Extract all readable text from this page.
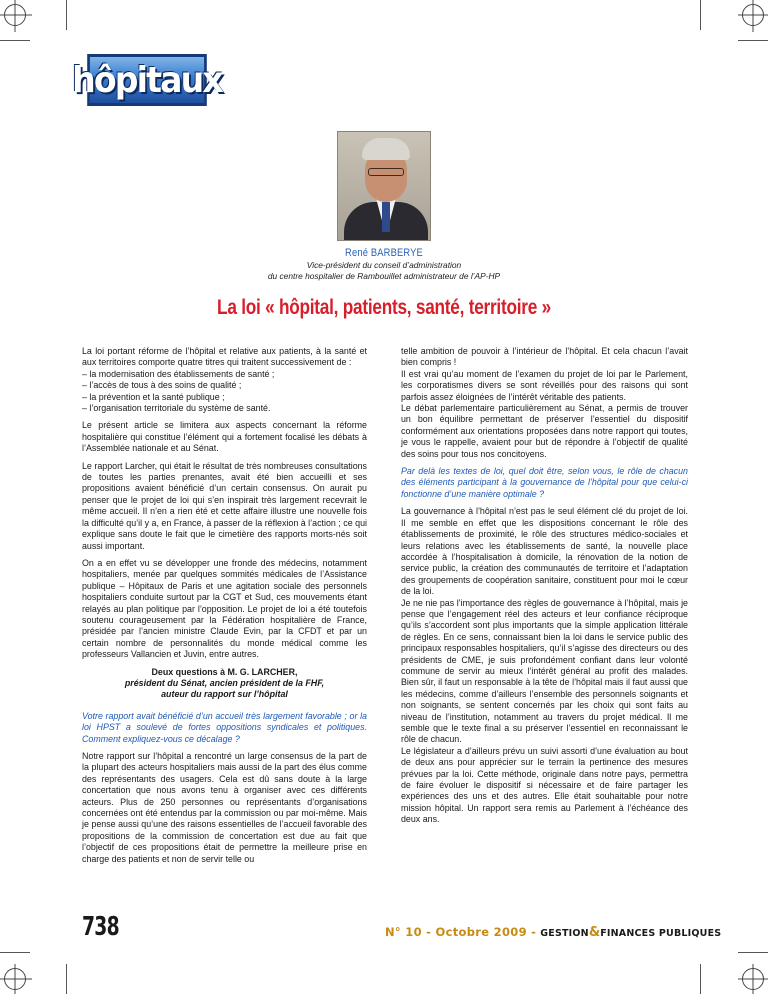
hôpitaux
René BARBERYE
Vice-président du conseil d’administration
du centre hospitalier de Rambouillet administrateur de l’AP-HP
La loi « hôpital, patients, santé, territoire »

La loi portant réforme de l’hôpital et relative aux patients, à la santé et aux territoires comporte quatre titres qui traitent successivement de :

– la modernisation des établissements de santé ;

– l’accès de tous à des soins de qualité ;

– la prévention et la santé publique ;

– l’organisation territoriale du système de santé.

Le présent article se limitera aux aspects concernant la réforme hospitalière qui constitue l’élément qui a fortement focalisé les débats à l’Assemblée nationale et au Sénat.

Le rapport Larcher, qui était le résultat de très nombreuses consultations de toutes les parties prenantes, avait été bien accueilli et ses propositions avaient bénéficié d’un certain consensus. On aurait pu penser que le projet de loi qui s’en inspirait très largement recevrait le même accueil. Il n’en a rien été et cette affaire illustre une nouvelle fois la difficulté qu’il y a, en France, à passer de la réflexion à l’action ; ce qui explique sans doute le fait que le cimetière des rapports morts-nés soit aussi important.

On a en effet vu se développer une fronde des médecins, notamment hospitaliers, menée par quelques sommités médicales de l’Assistance publique – Hôpitaux de Paris et une agitation sociale des personnels hospitaliers conduite surtout par la CGT et Sud, ces mouvements étant relayés au plan politique par l’opposition. Le projet de loi a été toutefois soutenu courageusement par la Fédération hospitalière de France, présidée par l’ancien ministre Claude Evin, par la CFDT et par un certain nombre de personnalités du monde médical comme les professeurs Vallancien et Juvin, entre autres.

Deux questions à M. G. LARCHER,
président du Sénat, ancien président de la FHF,
auteur du rapport sur l’hôpital

Votre rapport avait bénéficié d’un accueil très largement favorable ; or la loi HPST a soulevé de fortes oppositions syndicales et politiques. Comment expliquez-vous ce décalage ?

Notre rapport sur l’hôpital a rencontré un large consensus de la part de la plupart des acteurs hospitaliers mais aussi de la part des élus comme des représentants des usagers. Cela est dû sans doute à la large concertation que nous avons tenu à organiser avec ces différents acteurs. Plus de 250 personnes ou représentants d’organisations concernées ont été entendus par la commission ou par moi-même. Mais je pense aussi qu’une des raisons essentielles de l’accueil favorable des propositions de la commission de concertation est due au fait que l’objectif de ces propositions était de permettre la meilleure prise en charge des patients et non de servir telle ou

telle ambition de pouvoir à l’intérieur de l’hôpital. Et cela chacun l’avait bien compris !

Il est vrai qu’au moment de l’examen du projet de loi par le Parlement, les corporatismes divers se sont réveillés pour des raisons qui sont parfois assez éloignées de l’intérêt véritable des patients.

Le débat parlementaire particulièrement au Sénat, a permis de trouver un bon équilibre permettant de préserver l’essentiel du dispositif conformément aux orientations proposées dans notre rapport qui toutes, je vous le rappelle, avaient pour but de répondre à l’objectif de qualité des soins pour tous nos concitoyens.

Par delà les textes de loi, quel doit être, selon vous, le rôle de chacun des éléments participant à la gouvernance de l’hôpital pour que celui-ci fonctionne d’une manière optimale ?

La gouvernance à l’hôpital n’est pas le seul élément clé du projet de loi. Il me semble en effet que les dispositions concernant le rôle des établissements de proximité, le rôle des structures médico-sociales et leurs relations avec les établissements de santé, la nouvelle place accordée à l’hospitalisation à domicile, la rénovation de la notion de service public, la création des communautés de territoire et l’adaptation des groupements de coopération sanitaire, constituent pour moi le cœur de la loi.

Je ne nie pas l’importance des règles de gouvernance à l’hôpital, mais je pense que l’engagement réel des acteurs et leur confiance réciproque qu’ils s’accordent sont plus importants que la simple application littérale de règles. En ce sens, connaissant bien la loi dans le service public des principaux responsables hospitaliers, qu’il s’agisse des directeurs ou des présidents de CME, je suis profondément confiant dans leur volonté commune de servir au mieux l’intérêt général au profit des malades. Bien sûr, il faut un responsable à la tête de l’hôpital mais il faut aussi que les médecins, comme d’ailleurs l’ensemble des personnels soignants et non soignants, se sentent concernés par les choix qui sont faits au niveau de l’institution, notamment au travers du projet médical. Il me semble que le texte final a su préserver l’essentiel en reconnaissant le rôle de chacun.

Le législateur a d’ailleurs prévu un suivi assorti d’une évaluation au bout de deux ans pour apprécier sur le terrain la pertinence des mesures prévues par la loi. Cette méthode, originale dans notre pays, permettra de faire évoluer le dispositif si nécessaire et de faire partager les expériences des uns et des autres. Elle était souhaitable pour notre mission hôpital. Un rapport sera remis au Parlement à l’échéance des deux ans.

738	N° 10 - Octobre 2009 - GESTION&FINANCES PUBLIQUES
